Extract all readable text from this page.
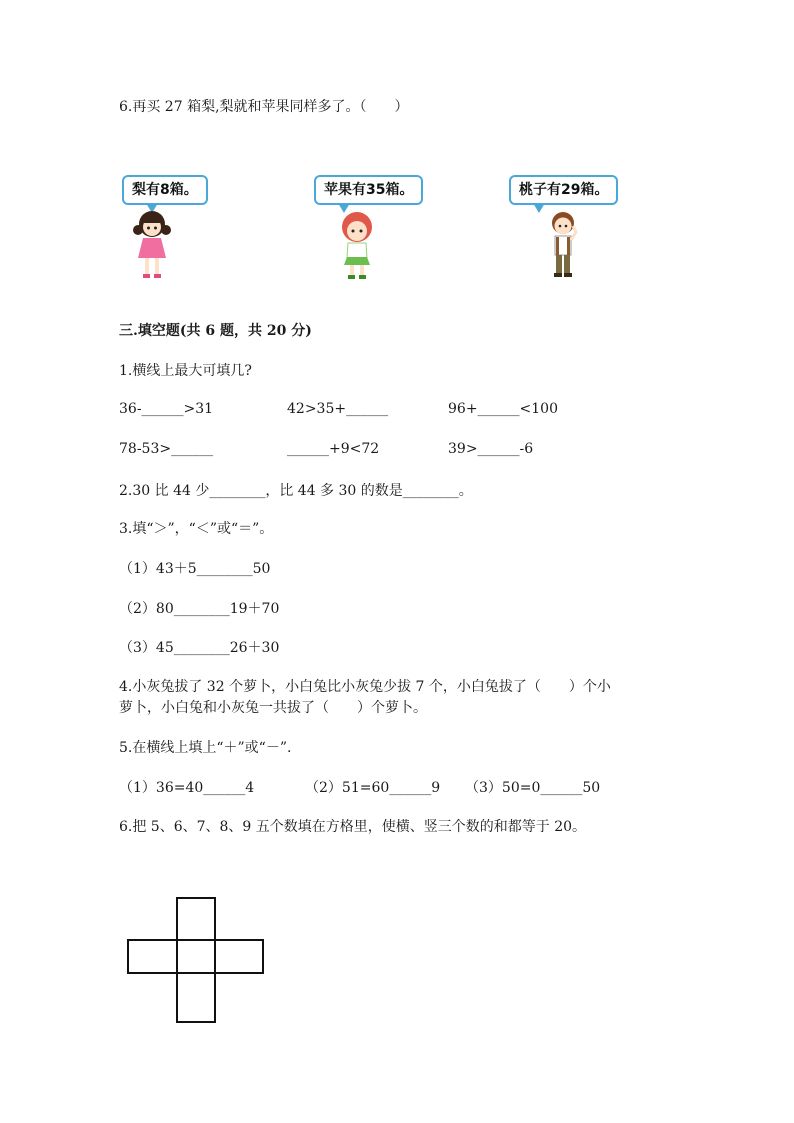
6.再买 27 箱梨,梨就和苹果同样多了。（　　）
梨有8箱。	苹果有35箱。	桃子有29箱。
三.填空题(共 6 题，共 20 分)
1.横线上最大可填几?
36-______>31	42>35+______	96+______<100
78-53>______	______+9<72	39>______-6
2.30 比 44 少________，比 44 多 30 的数是________。
3.填“＞”，“＜”或“＝”。
（1）43＋5________50
（2）80________19＋70
（3）45________26＋30
4.小灰兔拔了 32 个萝卜，小白兔比小灰兔少拔 7 个，小白兔拔了（　　）个小
萝卜，小白兔和小灰兔一共拔了（　　）个萝卜。
5.在横线上填上“＋”或“－”.
（1）36=40______4	（2）51=60______9 （3）50=0______50
6.把 5、6、7、8、9 五个数填在方格里，使横、竖三个数的和都等于 20。
